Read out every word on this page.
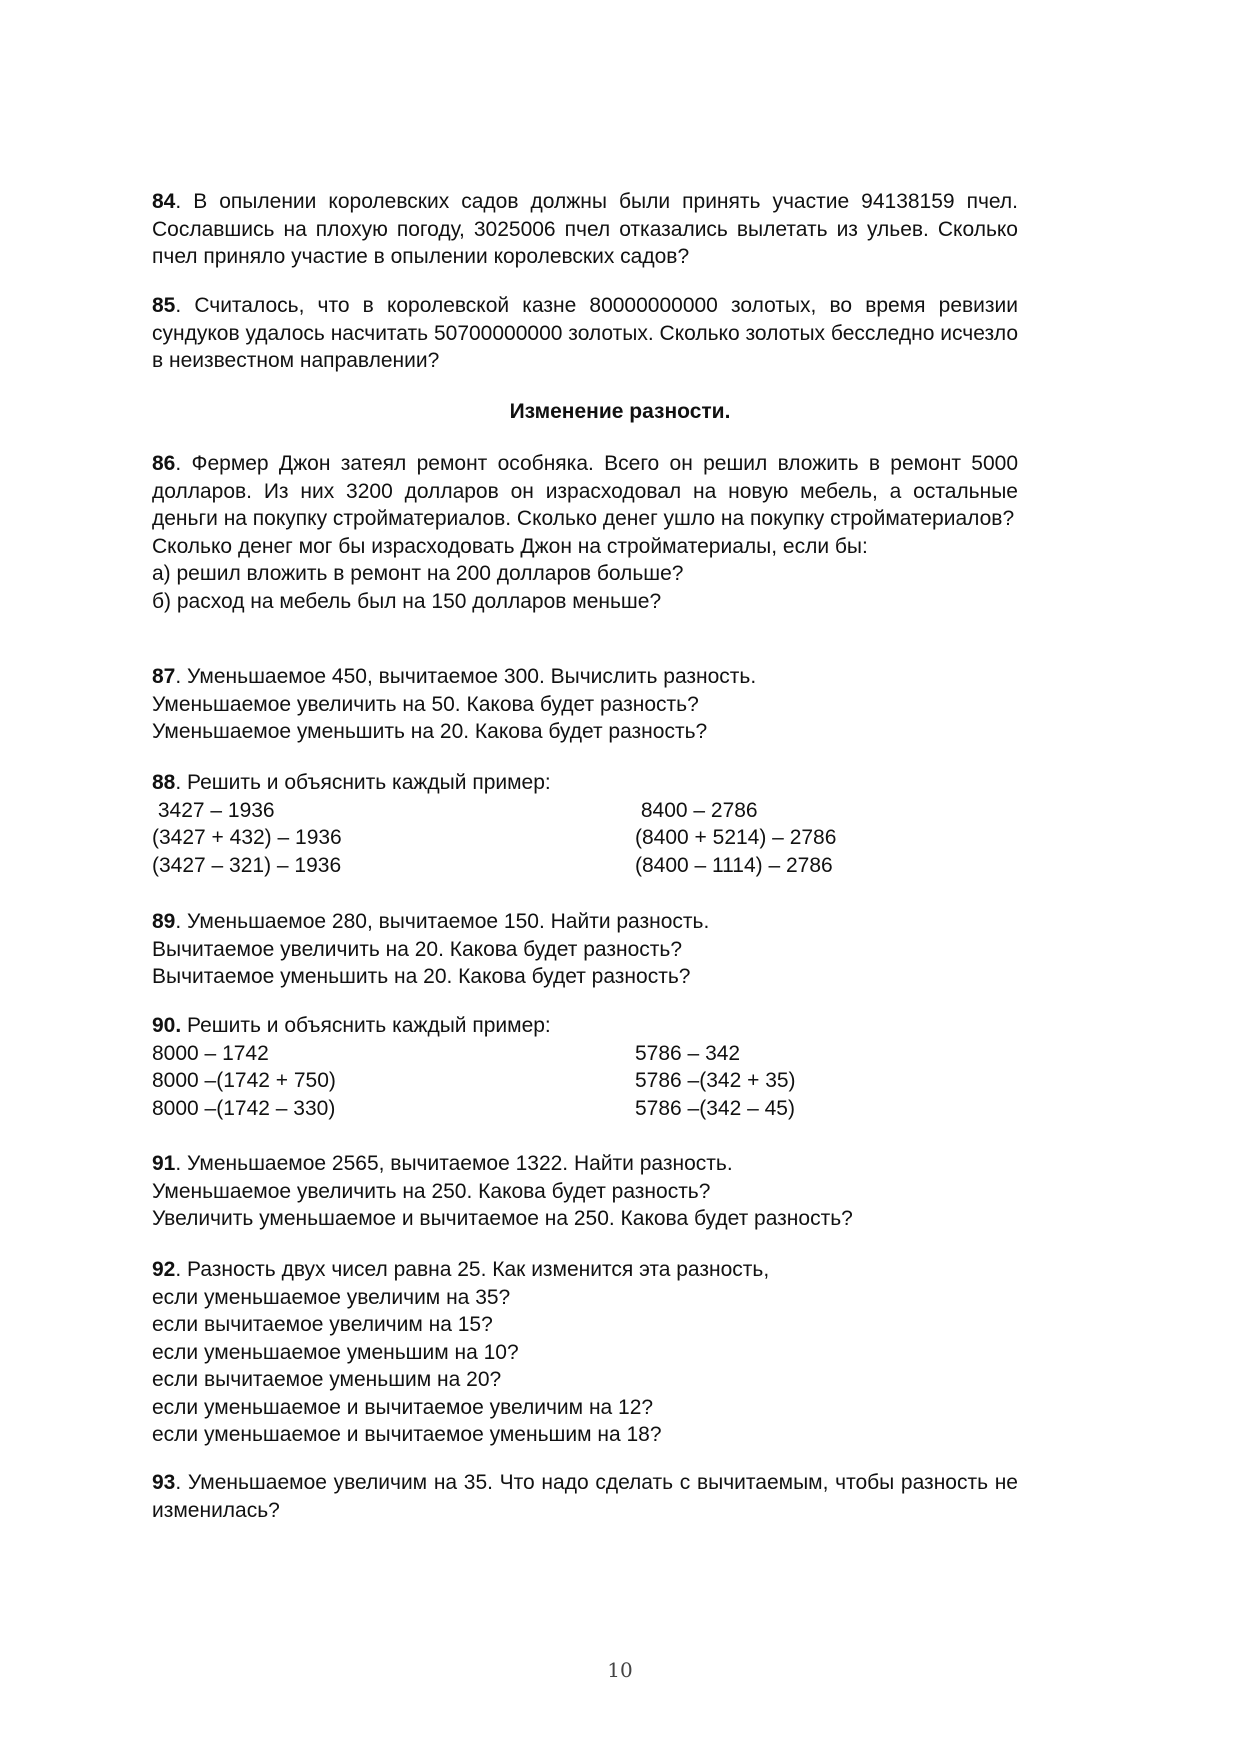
84. В опылении королевских садов должны были принять участие 94138159 пчел. Сославшись на плохую погоду, 3025006 пчел отказались вылетать из ульев. Сколько пчел приняло участие в опылении королевских садов?
85. Считалось, что в королевской казне 80000000000 золотых, во время ревизии сундуков удалось насчитать 50700000000 золотых. Сколько золотых бесследно исчезло в неизвестном направлении?
Изменение разности.
86. Фермер Джон затеял ремонт особняка. Всего он решил вложить в ремонт 5000 долларов. Из них 3200 долларов он израсходовал на новую мебель, а остальные деньги на покупку стройматериалов. Сколько денег ушло на покупку стройматериалов?
Сколько денег мог бы израсходовать Джон на стройматериалы, если бы:
а) решил вложить в ремонт на 200 долларов больше?
б) расход на мебель был на 150 долларов меньше?
87. Уменьшаемое 450, вычитаемое 300. Вычислить разность.
Уменьшаемое увеличить на 50. Какова будет разность?
Уменьшаемое уменьшить на 20. Какова будет разность?
88. Решить и объяснить каждый пример:
3427 – 1936	8400 – 2786
(3427 + 432) – 1936	(8400 + 5214) – 2786
(3427 – 321) – 1936	(8400 – 1114) – 2786
89. Уменьшаемое 280, вычитаемое 150. Найти разность.
Вычитаемое увеличить на 20. Какова будет разность?
Вычитаемое уменьшить на 20. Какова будет разность?
90. Решить и объяснить каждый пример:
8000 – 1742	5786 – 342
8000 –(1742 + 750)	5786 –(342 + 35)
8000 –(1742 – 330)	5786 –(342 – 45)
91. Уменьшаемое 2565, вычитаемое 1322. Найти разность.
Уменьшаемое увеличить на 250. Какова будет разность?
Увеличить уменьшаемое и вычитаемое на 250. Какова будет разность?
92. Разность двух чисел равна 25. Как изменится эта разность,
если уменьшаемое увеличим на 35?
если вычитаемое увеличим на 15?
если уменьшаемое уменьшим на 10?
если вычитаемое уменьшим на 20?
если уменьшаемое и вычитаемое увеличим на 12?
если уменьшаемое и вычитаемое уменьшим на 18?
93. Уменьшаемое увеличим на 35. Что надо сделать с вычитаемым, чтобы разность не изменилась?
10
